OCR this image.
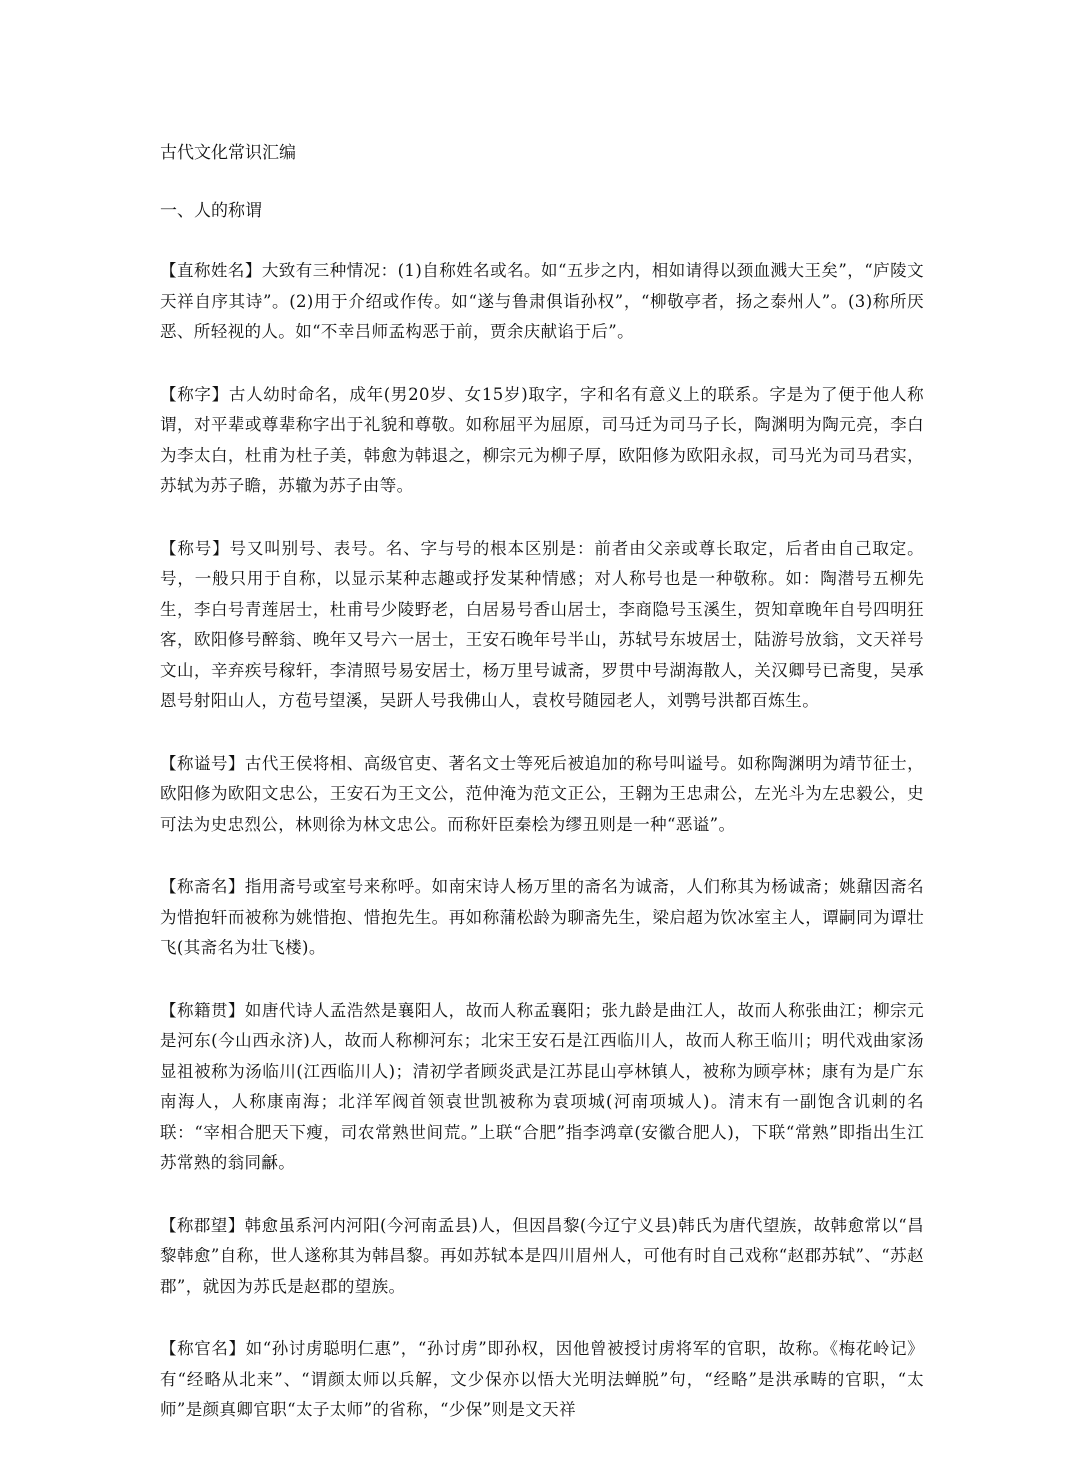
古代文化常识汇编
一、人的称谓

【直称姓名】大致有三种情况：(1)自称姓名或名。如“五步之内，相如请得以颈血溅大王矣”，“庐陵文天祥自序其诗”。(2)用于介绍或作传。如“遂与鲁肃俱诣孙权”，“柳敬亭者，扬之泰州人”。(3)称所厌恶、所轻视的人。如“不幸吕师孟构恶于前，贾余庆献谄于后”。

【称字】古人幼时命名，成年(男20岁、女15岁)取字，字和名有意义上的联系。字是为了便于他人称谓，对平辈或尊辈称字出于礼貌和尊敬。如称屈平为屈原，司马迁为司马子长，陶渊明为陶元亮，李白为李太白，杜甫为杜子美，韩愈为韩退之，柳宗元为柳子厚，欧阳修为欧阳永叔，司马光为司马君实，苏轼为苏子瞻，苏辙为苏子由等。

【称号】号又叫别号、表号。名、字与号的根本区别是：前者由父亲或尊长取定，后者由自己取定。号，一般只用于自称，以显示某种志趣或抒发某种情感；对人称号也是一种敬称。如：陶潜号五柳先生，李白号青莲居士，杜甫号少陵野老，白居易号香山居士，李商隐号玉溪生，贺知章晚年自号四明狂客，欧阳修号醉翁、晚年又号六一居士，王安石晚年号半山，苏轼号东坡居士，陆游号放翁，文天祥号文山，辛弃疾号稼轩，李清照号易安居士，杨万里号诚斋，罗贯中号湖海散人，关汉卿号已斋叟，吴承恩号射阳山人，方苞号望溪，吴趼人号我佛山人，袁枚号随园老人，刘鹗号洪都百炼生。

【称谥号】古代王侯将相、高级官吏、著名文士等死后被追加的称号叫谥号。如称陶渊明为靖节征士，欧阳修为欧阳文忠公，王安石为王文公，范仲淹为范文正公，王翱为王忠肃公，左光斗为左忠毅公，史可法为史忠烈公，林则徐为林文忠公。而称奸臣秦桧为缪丑则是一种“恶谥”。

【称斋名】指用斋号或室号来称呼。如南宋诗人杨万里的斋名为诚斋，人们称其为杨诚斋；姚鼐因斋名为惜抱轩而被称为姚惜抱、惜抱先生。再如称蒲松龄为聊斋先生，梁启超为饮冰室主人，谭嗣同为谭壮飞(其斋名为壮飞楼)。

【称籍贯】如唐代诗人孟浩然是襄阳人，故而人称孟襄阳；张九龄是曲江人，故而人称张曲江；柳宗元是河东(今山西永济)人，故而人称柳河东；北宋王安石是江西临川人，故而人称王临川；明代戏曲家汤显祖被称为汤临川(江西临川人)；清初学者顾炎武是江苏昆山亭林镇人，被称为顾亭林；康有为是广东南海人，人称康南海；北洋军阀首领袁世凯被称为袁项城(河南项城人)。清末有一副饱含讥刺的名联：“宰相合肥天下瘦，司农常熟世间荒。”上联“合肥”指李鸿章(安徽合肥人)，下联“常熟”即指出生江苏常熟的翁同龢。

【称郡望】韩愈虽系河内河阳(今河南孟县)人，但因昌黎(今辽宁义县)韩氏为唐代望族，故韩愈常以“昌黎韩愈”自称，世人遂称其为韩昌黎。再如苏轼本是四川眉州人，可他有时自己戏称“赵郡苏轼”、“苏赵郡”，就因为苏氏是赵郡的望族。

【称官名】如“孙讨虏聪明仁惠”，“孙讨虏”即孙权，因他曾被授讨虏将军的官职，故称。《梅花岭记》有“经略从北来”、“谓颜太师以兵解，文少保亦以悟大光明法蝉脱”句，“经略”是洪承畴的官职，“太师”是颜真卿官职“太子太师”的省称，“少保”则是文天祥
